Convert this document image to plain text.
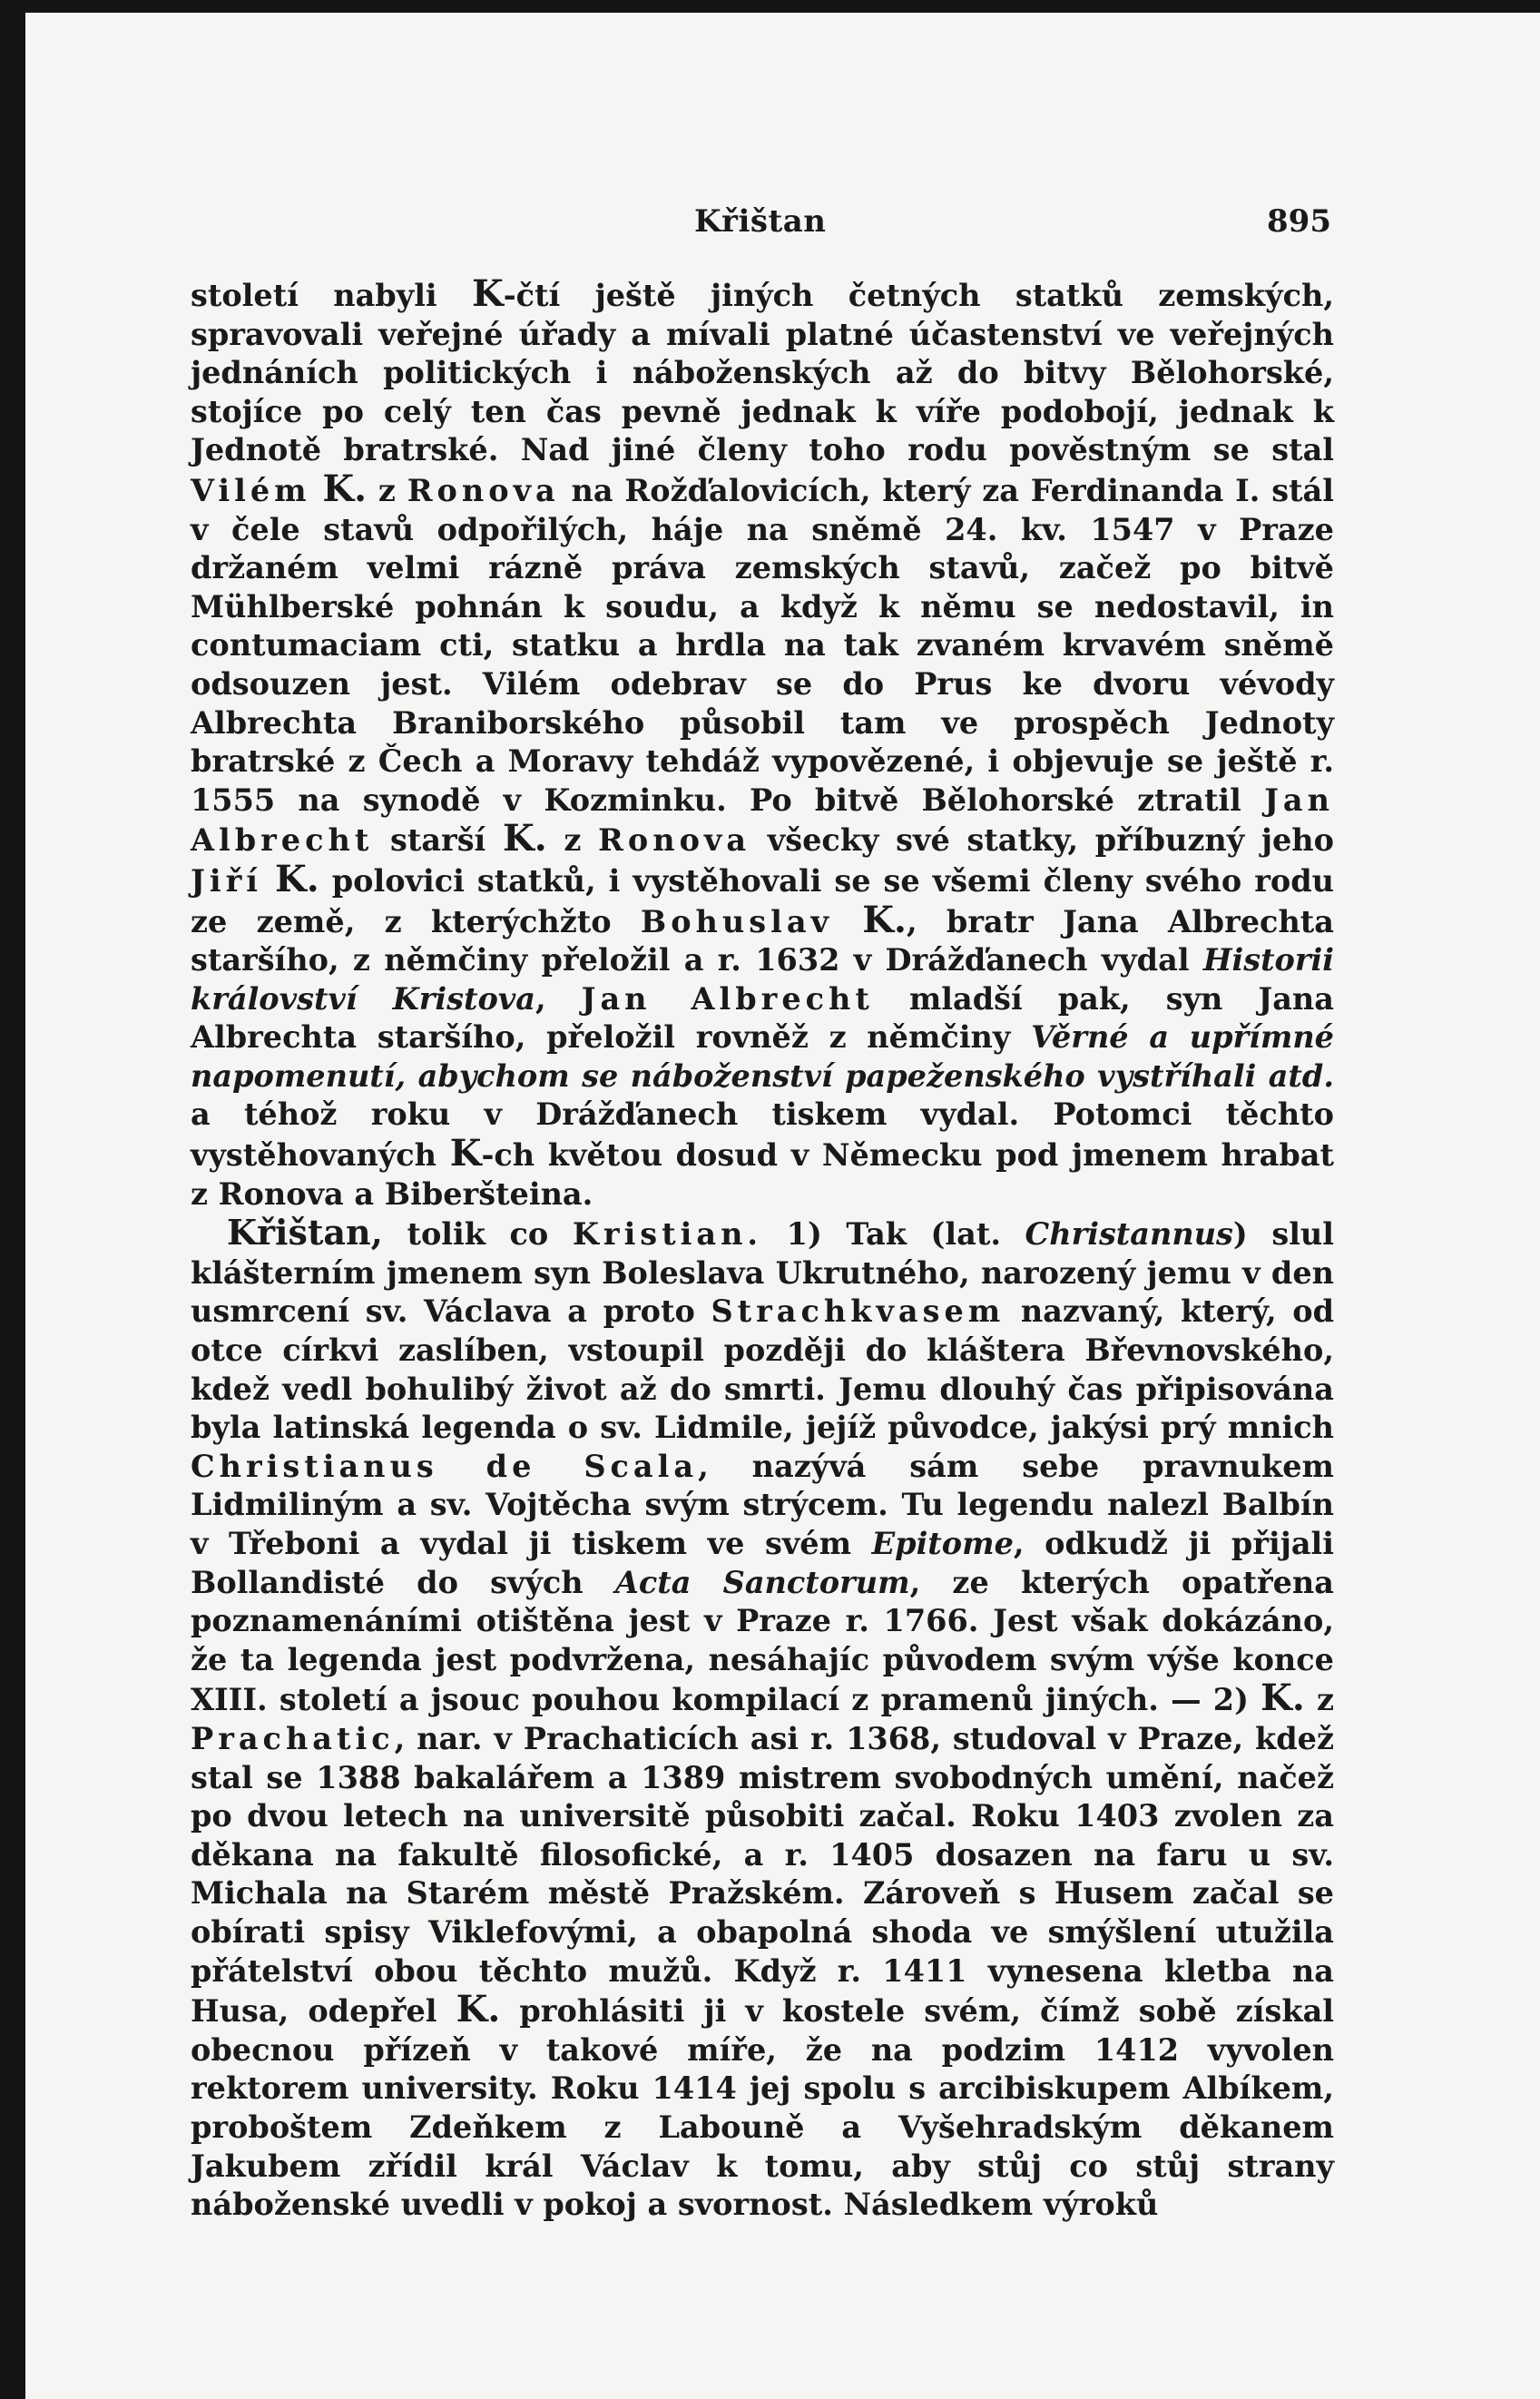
Křištan	895

století nabyli K-čtí ještě jiných četných statků zemských, spravovali veřejné úřady a mívali platné účastenství ve veřejných jednáních politických i náboženských až do bitvy Bělohorské, stojíce po celý ten čas pevně jednak k víře podobojí, jednak k Jednotě bratrské. Nad jiné členy toho rodu pověstným se stal Vilém K. z Ronova na Rožďalovicích, který za Ferdinanda I. stál v čele stavů odpořilých, háje na sněmě 24. kv. 1547 v Praze držaném velmi rázně práva zemských stavů, začež po bitvě Mühlberské pohnán k soudu, a když k němu se nedostavil, in contumaciam cti, statku a hrdla na tak zvaném krvavém sněmě odsouzen jest. Vilém odebrav se do Prus ke dvoru vévody Albrechta Braniborského působil tam ve prospěch Jednoty bratrské z Čech a Moravy tehdáž vypovězené, i objevuje se ještě r. 1555 na synodě v Kozminku. Po bitvě Bělohorské ztratil Jan Albrecht starší K. z Ronova všecky své statky, příbuzný jeho Jiří K. polovici statků, i vystěhovali se se všemi členy svého rodu ze země, z kterýchžto Bohuslav K., bratr Jana Albrechta staršího, z němčiny přeložil a r. 1632 v Drážďanech vydal Historii království Kristova, Jan Albrecht mladší pak, syn Jana Albrechta staršího, přeložil rovněž z němčiny Věrné a upřímné napomenutí, abychom se náboženství papeženského vystříhali atd. a téhož roku v Drážďanech tiskem vydal. Potomci těchto vystěhovaných K-ch květou dosud v Německu pod jmenem hrabat z Ronova a Biberšteina.

Křištan, tolik co Kristian. 1) Tak (lat. Christannus) slul klášterním jmenem syn Boleslava Ukrutného, narozený jemu v den usmrcení sv. Václava a proto Strachkvasem nazvaný, který, od otce církvi zaslíben, vstoupil později do kláštera Břevnovského, kdež vedl bohulibý život až do smrti. Jemu dlouhý čas připisována byla latinská legenda o sv. Lidmile, jejíž původce, jakýsi prý mnich Christianus de Scala, nazývá sám sebe pravnukem Lidmiliným a sv. Vojtěcha svým strýcem. Tu legendu nalezl Balbín v Třeboni a vydal ji tiskem ve svém Epitome, odkudž ji přijali Bollandisté do svých Acta Sanctorum, ze kterých opatřena poznamenáními otištěna jest v Praze r. 1766. Jest však dokázáno, že ta legenda jest podvržena, nesáhajíc původem svým výše konce XIII. století a jsouc pouhou kompilací z pramenů jiných. — 2) K. z Prachatic, nar. v Prachaticích asi r. 1368, studoval v Praze, kdež stal se 1388 bakalářem a 1389 mistrem svobodných umění, načež po dvou letech na universitě působiti začal. Roku 1403 zvolen za děkana na fakultě filosofické, a r. 1405 dosazen na faru u sv. Michala na Starém městě Pražském. Zároveň s Husem začal se obírati spisy Viklefovými, a obapolná shoda ve smýšlení utužila přátelství obou těchto mužů. Když r. 1411 vynesena kletba na Husa, odepřel K. prohlásiti ji v kostele svém, čímž sobě získal obecnou přízeň v takové míře, že na podzim 1412 vyvolen rektorem university. Roku 1414 jej spolu s arcibiskupem Albíkem, proboštem Zdeňkem z Labouně a Vyšehradským děkanem Jakubem zřídil král Václav k tomu, aby stůj co stůj strany náboženské uvedli v pokoj a svornost. Následkem výroků
